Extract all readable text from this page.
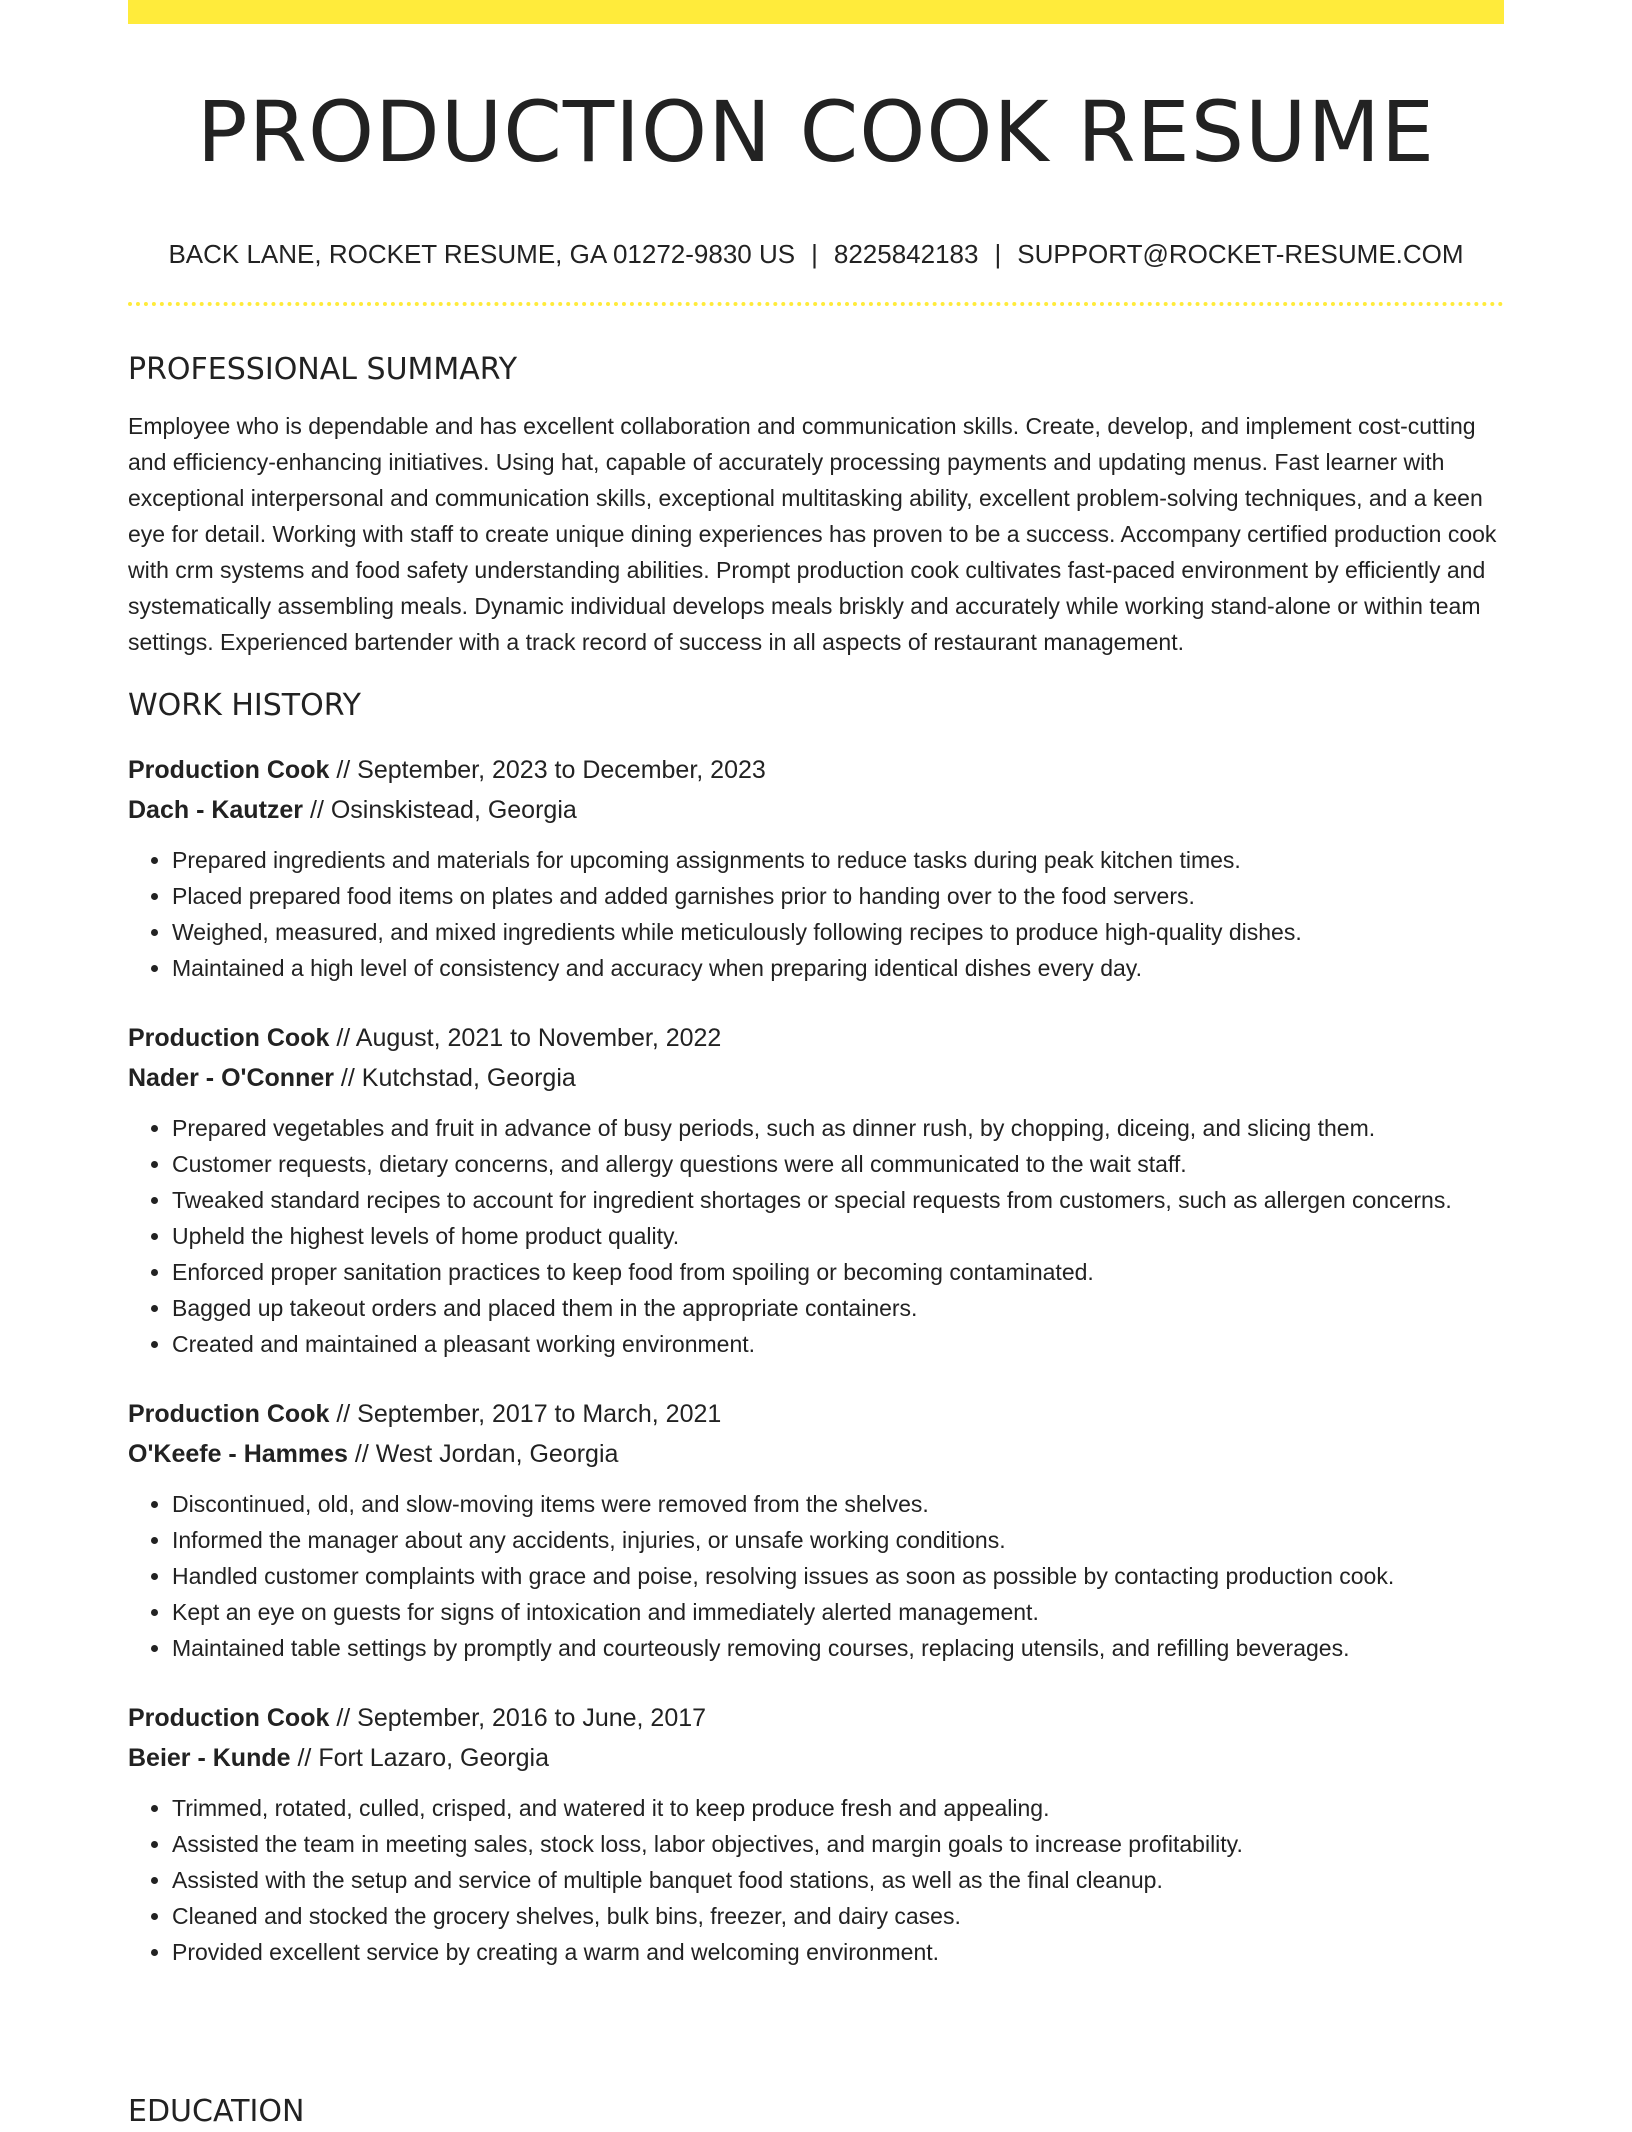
PRODUCTION COOK RESUME
BACK LANE, ROCKET RESUME, GA 01272-9830 US | 8225842183 | SUPPORT@ROCKET-RESUME.COM
PROFESSIONAL SUMMARY
Employee who is dependable and has excellent collaboration and communication skills. Create, develop, and implement cost-cutting and efficiency-enhancing initiatives. Using hat, capable of accurately processing payments and updating menus. Fast learner with exceptional interpersonal and communication skills, exceptional multitasking ability, excellent problem-solving techniques, and a keen eye for detail. Working with staff to create unique dining experiences has proven to be a success. Accompany certified production cook with crm systems and food safety understanding abilities. Prompt production cook cultivates fast-paced environment by efficiently and systematically assembling meals. Dynamic individual develops meals briskly and accurately while working stand-alone or within team settings. Experienced bartender with a track record of success in all aspects of restaurant management.
WORK HISTORY
Production Cook // September, 2023 to December, 2023
Dach - Kautzer // Osinskistead, Georgia
• Prepared ingredients and materials for upcoming assignments to reduce tasks during peak kitchen times.
• Placed prepared food items on plates and added garnishes prior to handing over to the food servers.
• Weighed, measured, and mixed ingredients while meticulously following recipes to produce high-quality dishes.
• Maintained a high level of consistency and accuracy when preparing identical dishes every day.
Production Cook // August, 2021 to November, 2022
Nader - O'Conner // Kutchstad, Georgia
• Prepared vegetables and fruit in advance of busy periods, such as dinner rush, by chopping, diceing, and slicing them.
• Customer requests, dietary concerns, and allergy questions were all communicated to the wait staff.
• Tweaked standard recipes to account for ingredient shortages or special requests from customers, such as allergen concerns.
• Upheld the highest levels of home product quality.
• Enforced proper sanitation practices to keep food from spoiling or becoming contaminated.
• Bagged up takeout orders and placed them in the appropriate containers.
• Created and maintained a pleasant working environment.
Production Cook // September, 2017 to March, 2021
O'Keefe - Hammes // West Jordan, Georgia
• Discontinued, old, and slow-moving items were removed from the shelves.
• Informed the manager about any accidents, injuries, or unsafe working conditions.
• Handled customer complaints with grace and poise, resolving issues as soon as possible by contacting production cook.
• Kept an eye on guests for signs of intoxication and immediately alerted management.
• Maintained table settings by promptly and courteously removing courses, replacing utensils, and refilling beverages.
Production Cook // September, 2016 to June, 2017
Beier - Kunde // Fort Lazaro, Georgia
• Trimmed, rotated, culled, crisped, and watered it to keep produce fresh and appealing.
• Assisted the team in meeting sales, stock loss, labor objectives, and margin goals to increase profitability.
• Assisted with the setup and service of multiple banquet food stations, as well as the final cleanup.
• Cleaned and stocked the grocery shelves, bulk bins, freezer, and dairy cases.
• Provided excellent service by creating a warm and welcoming environment.
EDUCATION
